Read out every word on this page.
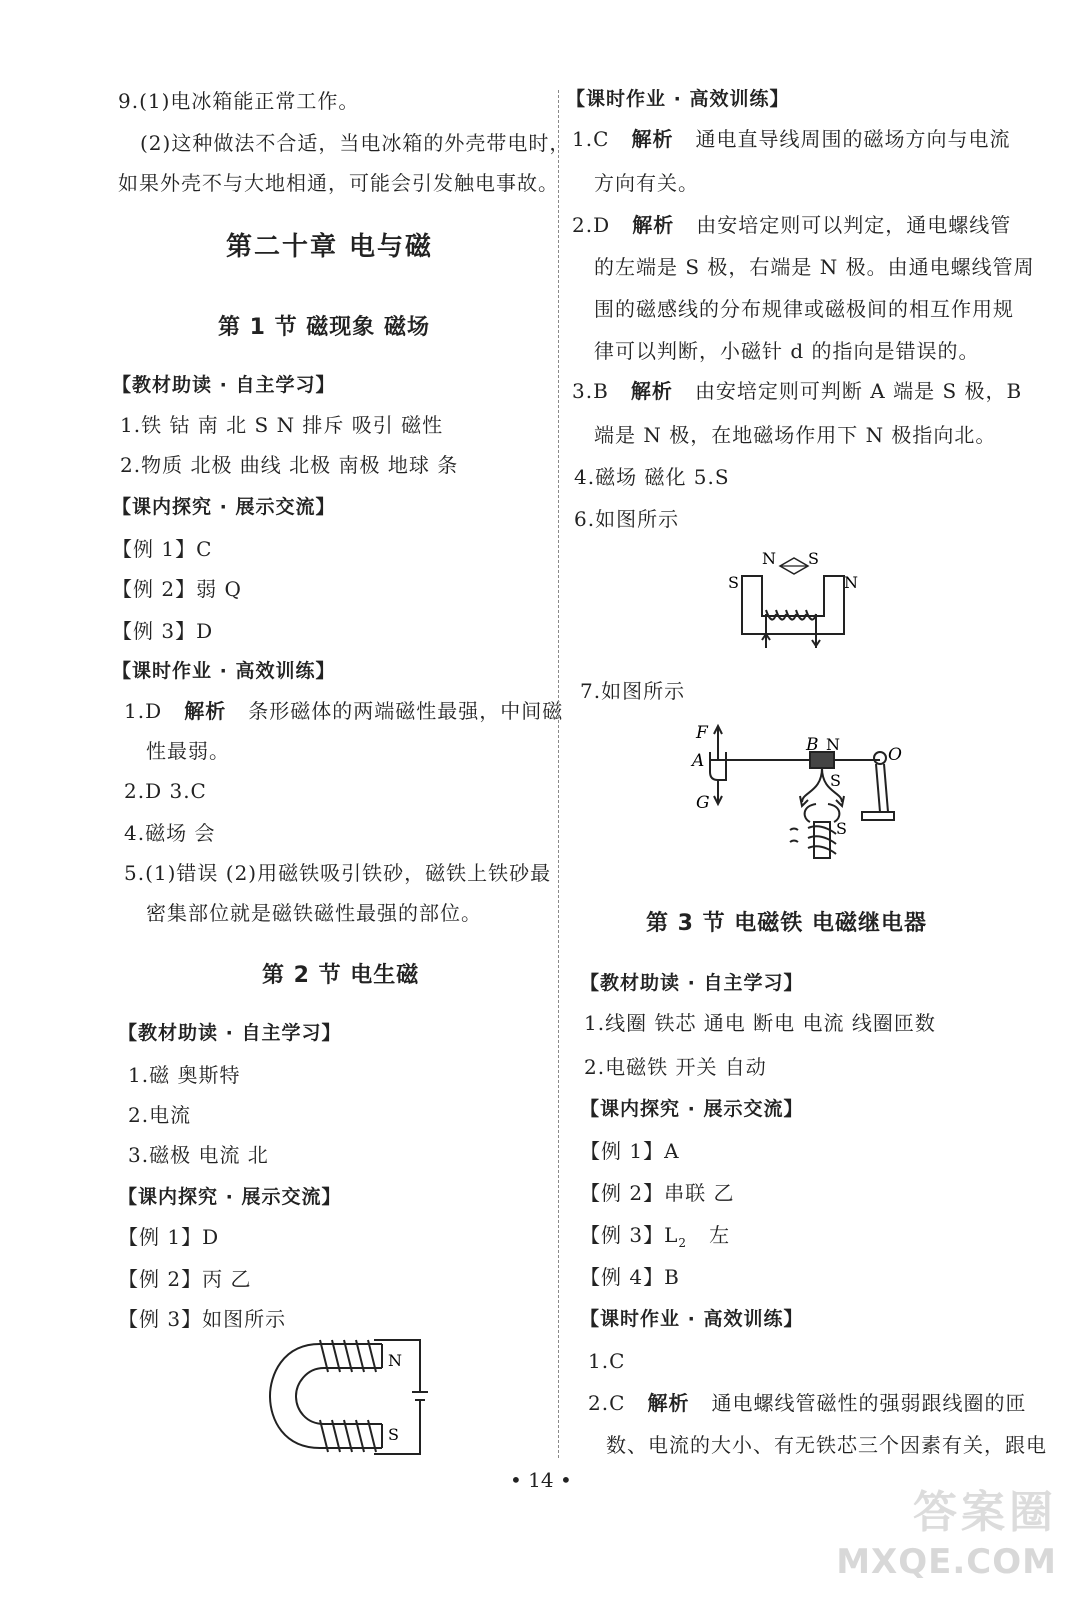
9.(1)电冰箱能正常工作。
(2)这种做法不合适，当电冰箱的外壳带电时，
如果外壳不与大地相通，可能会引发触电事故。
第二十章 电与磁
第 1 节 磁现象 磁场
【教材助读 · 自主学习】
1.铁 钴 南 北 S N 排斥 吸引 磁性
2.物质 北极 曲线 北极 南极 地球 条
【课内探究 · 展示交流】
【例 1】C
【例 2】弱 Q
【例 3】D
【课时作业 · 高效训练】
1.D 解析 条形磁体的两端磁性最强，中间磁
性最弱。
2.D 3.C
4.磁场 会
5.(1)错误 (2)用磁铁吸引铁砂，磁铁上铁砂最
密集部位就是磁铁磁性最强的部位。
第 2 节 电生磁
【教材助读 · 自主学习】
1.磁 奥斯特
2.电流
3.磁极 电流 北
【课内探究 · 展示交流】
【例 1】D
【例 2】丙 乙
【例 3】如图所示
N
S
【课时作业 · 高效训练】
1.C 解析 通电直导线周围的磁场方向与电流
方向有关。
2.D 解析 由安培定则可以判定，通电螺线管
的左端是 S 极，右端是 N 极。由通电螺线管周
围的磁感线的分布规律或磁极间的相互作用规
律可以判断，小磁针 d 的指向是错误的。
3.B 解析 由安培定则可判断 A 端是 S 极，B
端是 N 极，在地磁场作用下 N 极指向北。
4.磁场 磁化 5.S
6.如图所示
N S
S	N
7.如图所示
F
A
G
B N
O
S
S
第 3 节 电磁铁 电磁继电器
【教材助读 · 自主学习】
1.线圈 铁芯 通电 断电 电流 线圈匝数
2.电磁铁 开关 自动
【课内探究 · 展示交流】
【例 1】A
【例 2】串联 乙
【例 3】$L_2$   左
【例 4】B
【课时作业 · 高效训练】
1.C
2.C 解析 通电螺线管磁性的强弱跟线圈的匝
数、电流的大小、有无铁芯三个因素有关，跟电
• 14 •
答案圈
MXQE.COM
